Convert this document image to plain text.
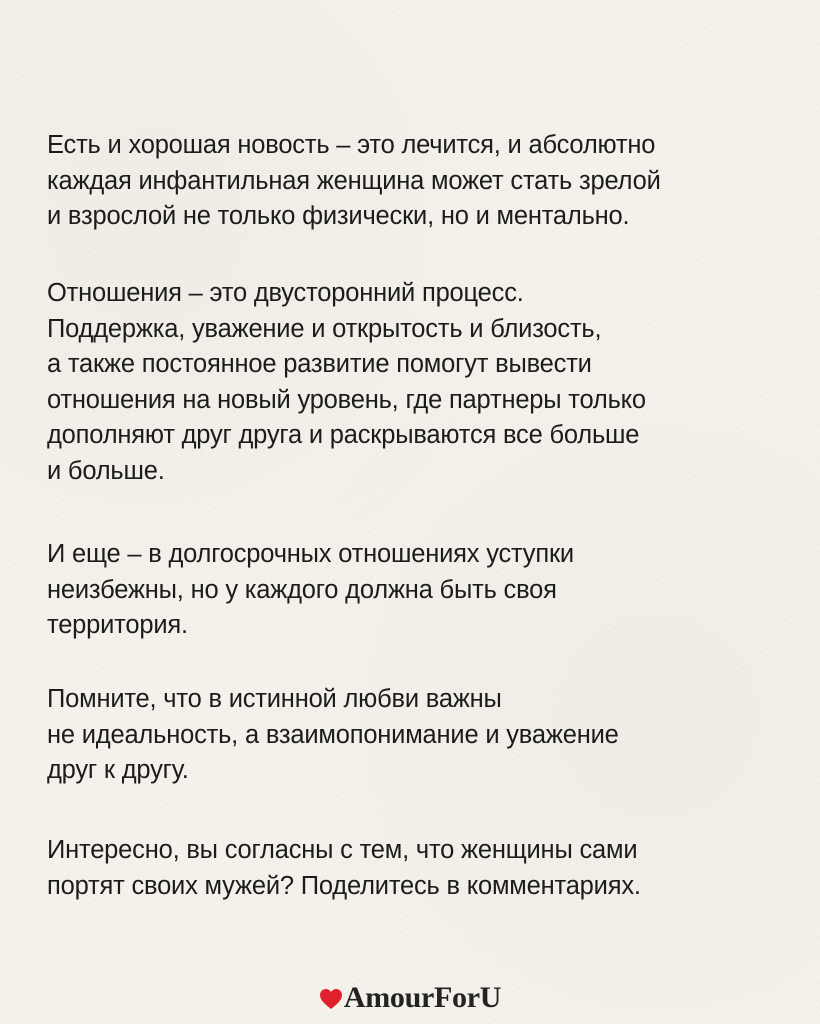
Есть и хорошая новость – это лечится, и абсолютно
каждая инфантильная женщина может стать зрелой
и взрослой не только физически, но и ментально.

Отношения – это двусторонний процесс.
Поддержка, уважение и открытость и близость,
а также постоянное развитие помогут вывести
отношения на новый уровень, где партнеры только
дополняют друг друга и раскрываются все больше
и больше.

И еще – в долгосрочных отношениях уступки
неизбежны, но у каждого должна быть своя
территория.

Помните, что в истинной любви важны
не идеальность, а взаимопонимание и уважение
друг к другу.

Интересно, вы согласны с тем, что женщины сами
портят своих мужей? Поделитесь в комментариях.

AmourForU
